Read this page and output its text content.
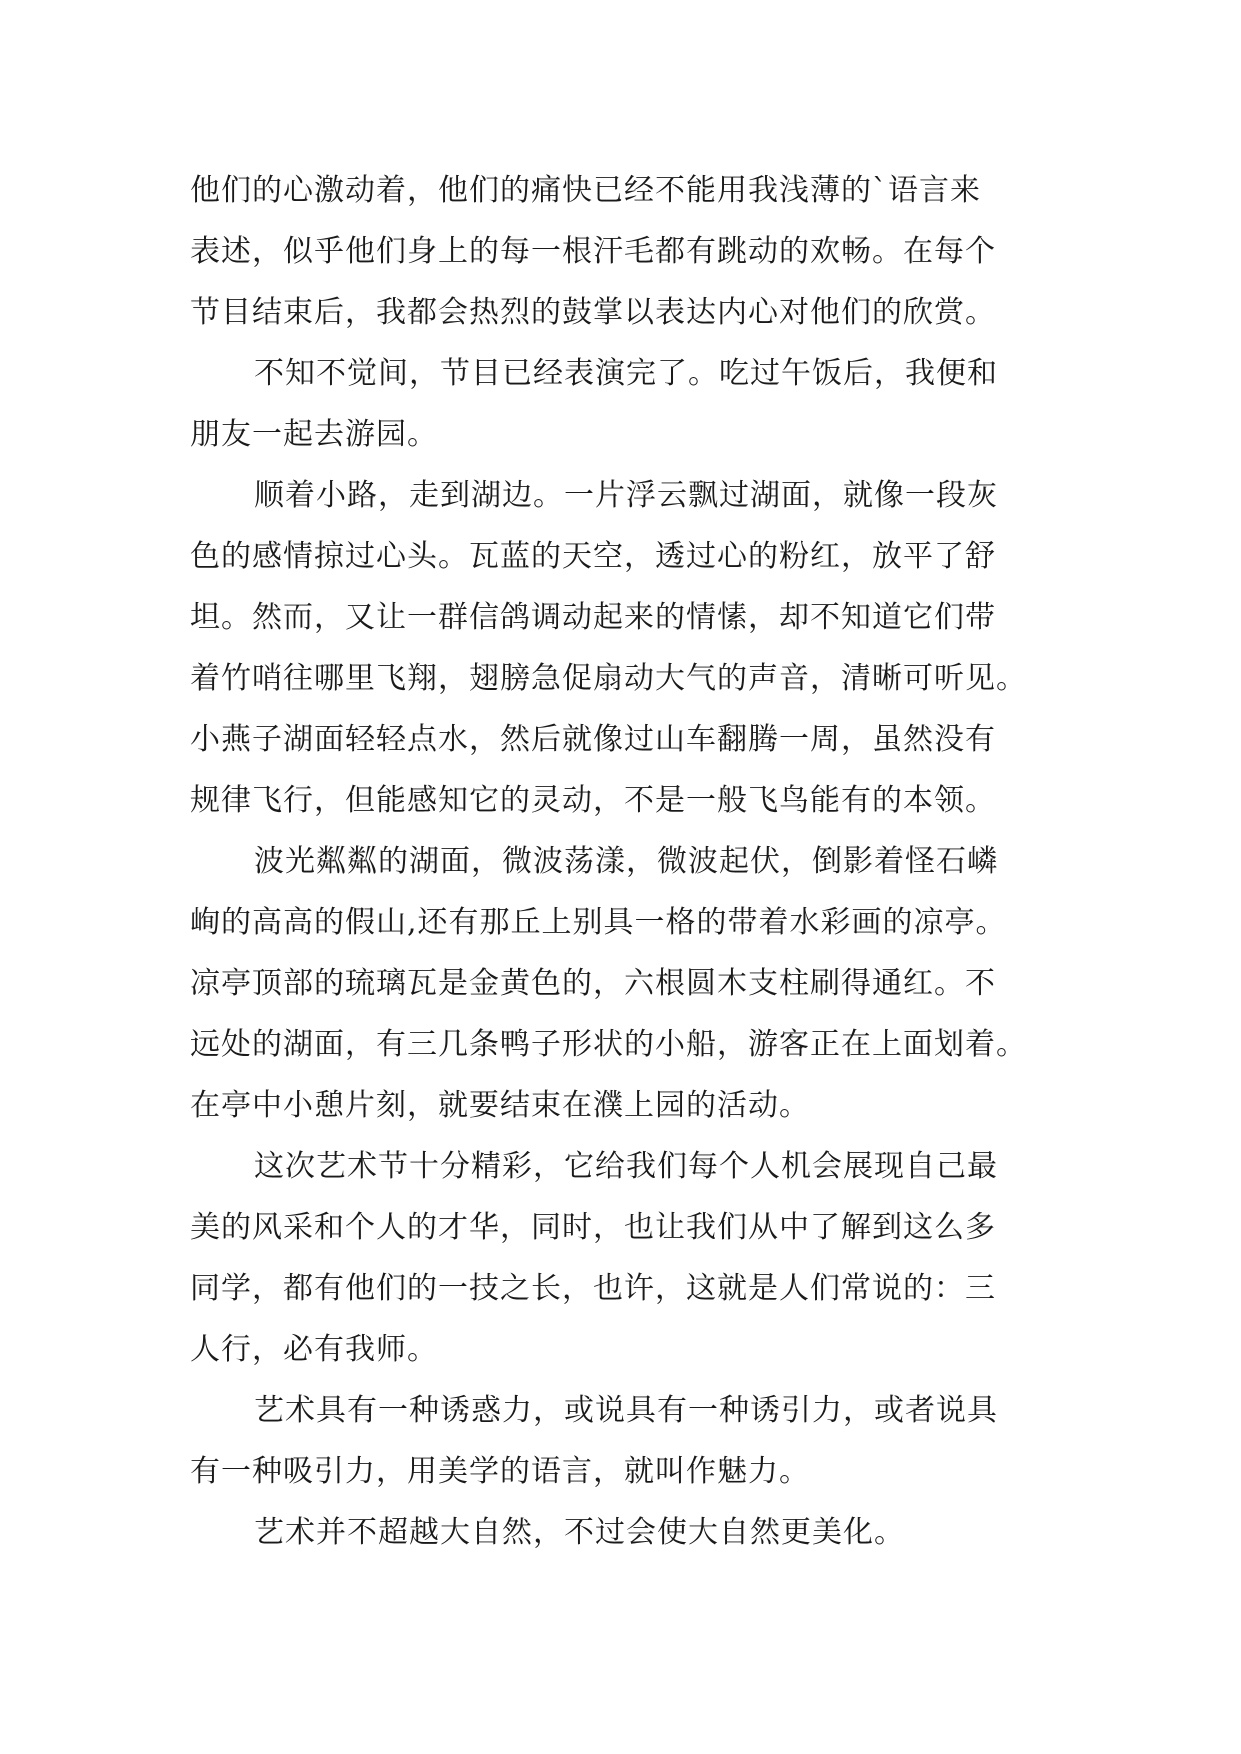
他们的心激动着，他们的痛快已经不能用我浅薄的`语言来
表述，似乎他们身上的每一根汗毛都有跳动的欢畅。在每个
节目结束后，我都会热烈的鼓掌以表达内心对他们的欣赏。
不知不觉间，节目已经表演完了。吃过午饭后，我便和
朋友一起去游园。
顺着小路，走到湖边。一片浮云飘过湖面，就像一段灰
色的感情掠过心头。瓦蓝的天空，透过心的粉红，放平了舒
坦。然而，又让一群信鸽调动起来的情愫，却不知道它们带
着竹哨往哪里飞翔，翅膀急促扇动大气的声音，清晰可听见。
小燕子湖面轻轻点水，然后就像过山车翻腾一周，虽然没有
规律飞行，但能感知它的灵动，不是一般飞鸟能有的本领。
波光粼粼的湖面，微波荡漾，微波起伏，倒影着怪石嶙
峋的高高的假山,还有那丘上别具一格的带着水彩画的凉亭。
凉亭顶部的琉璃瓦是金黄色的，六根圆木支柱刷得通红。不
远处的湖面，有三几条鸭子形状的小船，游客正在上面划着。
在亭中小憩片刻，就要结束在濮上园的活动。
这次艺术节十分精彩，它给我们每个人机会展现自己最
美的风采和个人的才华，同时，也让我们从中了解到这么多
同学，都有他们的一技之长，也许，这就是人们常说的：三
人行，必有我师。
艺术具有一种诱惑力，或说具有一种诱引力，或者说具
有一种吸引力，用美学的语言，就叫作魅力。
艺术并不超越大自然，不过会使大自然更美化。
